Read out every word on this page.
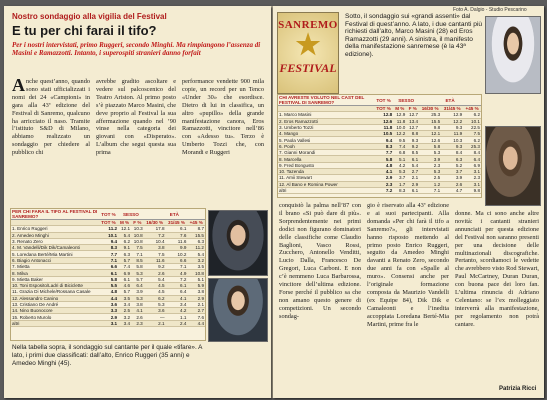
Nostro sondaggio alla vigilia del Festival
E tu per chi farai il tifo?
Per i nostri intervistati, primo Ruggeri, secondo Minghi. Ma rimpiangono l’assenza di Masini e Ramazzotti. Intanto, i superospiti stranieri danno forfait
Anche quest’anno, quando sono stati ufficializzati i nomi dei 24 «Campioni» in gara alla 43ª edizione del Festival di Sanremo, qualcuno ha arricciato il naso. Tramite l’istituto S&D di Milano, abbiamo realizzato un sondaggio per chiedere al pubblico chi
avrebbe gradito ascoltare e vedere sul palcoscenico del Teatro Ariston. Al primo posto s’è piazzato Marco Masini, che deve proprio al Festival la sua affermazione quando nel ’90 vinse nella categoria dei giovani con «Disperato». L’album che segui questa sua prima
performance vendette 900 mila copie, un record per un Tenco «Under 30» che esordisce. Dietro di lui in classifica, un altro «pupillo» della grande manifestazione canora, Eros Ramazzotti, vincitore nell’86 con «Adesso tu». Terzo è Umberto Tozzi che, con Morandi e Ruggeri
PER CHI FARA IL TIFO AL FESTIVAL DI SANREMO?	TOT %	SESSO		ETÀ		

	TOT %	M %	F %	16/30 %	31/45 %	+45 %
1. Enrico Ruggeri	11.2	12.1	10.3	17.8	6.1	8.7
2. Amedeo Minghi	10.1	5.4	10.8	7.2	7.6	15.5
3. Renato Zero	9.4	6.2	10.8	10.4	11.6	6.3
4. M. Vandelli/Dik Dik/Camaleonti	8.3	9.1	7.5	3.8	9.9	11.2
5. Loredana Berté/Mia Martini	7.7	6.3	7.1	7.5	10.2	5.4
6. Biagio Antonacci	7.1	5.7	8.5	11.6	6.6	3.2
7. Mietta	6.6	7.4	5.8	9.2	7.1	3.5
8. Milva	6.1	6.9	5.3	2.6	4.9	10.8
9. Mietta Baker	5.8	6.1	5.7	5.4	7.2	5.1
10. Toni Esposito/Ladri di Biciclette	5.5	4.6	6.4	4.5	6.1	5.9
11. Grazia Di Michele/Rossana Casale	4.8	5.7	3.9	4.5	6.4	3.8
12. Alessandro Canino	4.4	3.5	5.3	6.2	4.1	2.9
13. Cristiano De André	3.6	3.4	3.8	5.3	3.4	2.1
14. Nino Buonocore	3.3	2.5	4.1	3.6	4.2	2.7
15. Roberto Murolo	2.9	3.2	2.6	—	1.1	7.6
altri	3.1	3.4	2.3	2.1	2.4	4.4
Nella tabella sopra, il sondaggio sul cantante per il quale «tifare». A lato, i primi due classificati: dall’alto, Enrico Ruggeri (35 anni) e Amedeo Minghi (45).
Foto A. Dalgio - Studio Pescarino
SANREMO
★
FESTIVAL
Sotto, il sondaggio sui «grandi assenti» dal Festival di quest’anno. A lato, i due cantanti più richiesti dall’alto, Marco Masini (28) ed Eros Ramazzotti (29 anni). A sinistra, il manifesto della manifestazione sanremese (è la 43ª edizione).
CHI AVRESTE VOLUTO NEL CAST DEL FESTIVAL DI SANREMO?	TOT %	SESSO		ETÀ		
	TOT %	M %	F %	16/30 %	31/45 %	+45 %
1. Marco Masini	12.8	12.9	12.7	25.3	12.9	6.2
2. Eros Ramazzotti	12.6	11.8	13.4	15.5	12.2	10.1
3. Umberto Tozzi	11.8	10.0	12.7	9.8	9.3	22.5
4. Mango	10.5	12.2	8.8	12.1	11.9	7.5
5. Paola Vallesi	9.4	9.5	9.3	12.6	10.3	6.2
6. Pooh	8.3	7.4	9.2	5.8	9.3	25.3
7. Gianni Morandi	7.7	6.8	8.5	5.3	8.4	8.4
8. Marcella	5.8	5.1	6.1	3.9	6.3	6.4
9. Fred Bongusto	4.8	4.2	5.4	2.3	5.2	6.9
10. Tazenda	4.1	5.3	2.7	5.3	3.7	3.1
11. Amii Stewart	2.9	3.7	2.1	2.5	3.9	2.3
12. Al Bano e Romina Power	2.3	1.7	2.9	1.2	2.6	3.1
altri	7.2	8.3	6.1	7.1	4.7	9.8
conquistò la palma nell’87 con il brano «Si può dare di più». Sorprendentemente nei primi dodici non figurano dominatori delle classifiche come Claudio Baglioni, Vasco Rossi, Zucchero, Antonello Venditti, Lucio Dalla, Francesco De Gregori, Luca Carboni. E non c’è nemmeno Luca Barbarossa, vincitore dell’ultima edizione. Forse perché il pubblico sa che non amano questo genere di competizioni. Un secondo sondag-
gio è riservato alla 43ª edizione e ai suoi partecipanti. Alla domanda «Per chi farà il tifo a Sanremo?», gli intervistati hanno risposto mettendo al primo posto Enrico Ruggeri, seguito da Amedeo Minghi davanti a Renato Zero, secondo due anni fa con «Spalle al muro». Consensi anche per l’originale formazione composta da Maurizio Vandelli (ex Equipe 84), Dik Dik e Camaleonti e l’inedita accoppiata Loredana Berté-Mia Martini, prime fra le
donne. Ma ci sono anche altre novità: i cantanti stranieri annunciati per questa edizione del Festival non saranno presenti per una decisione delle multinazionali discografiche. Pertanto, scordiamoci le vedette che avrebbero visto Rod Stewart, Paul McCartney, Duran Duran, con buona pace dei loro fan. L’ultima rinuncia di Adriano Celentano: se l’ex molleggiato interverrà alla manifestazione, per regolamento non potrà cantare.
Patrizia Ricci
